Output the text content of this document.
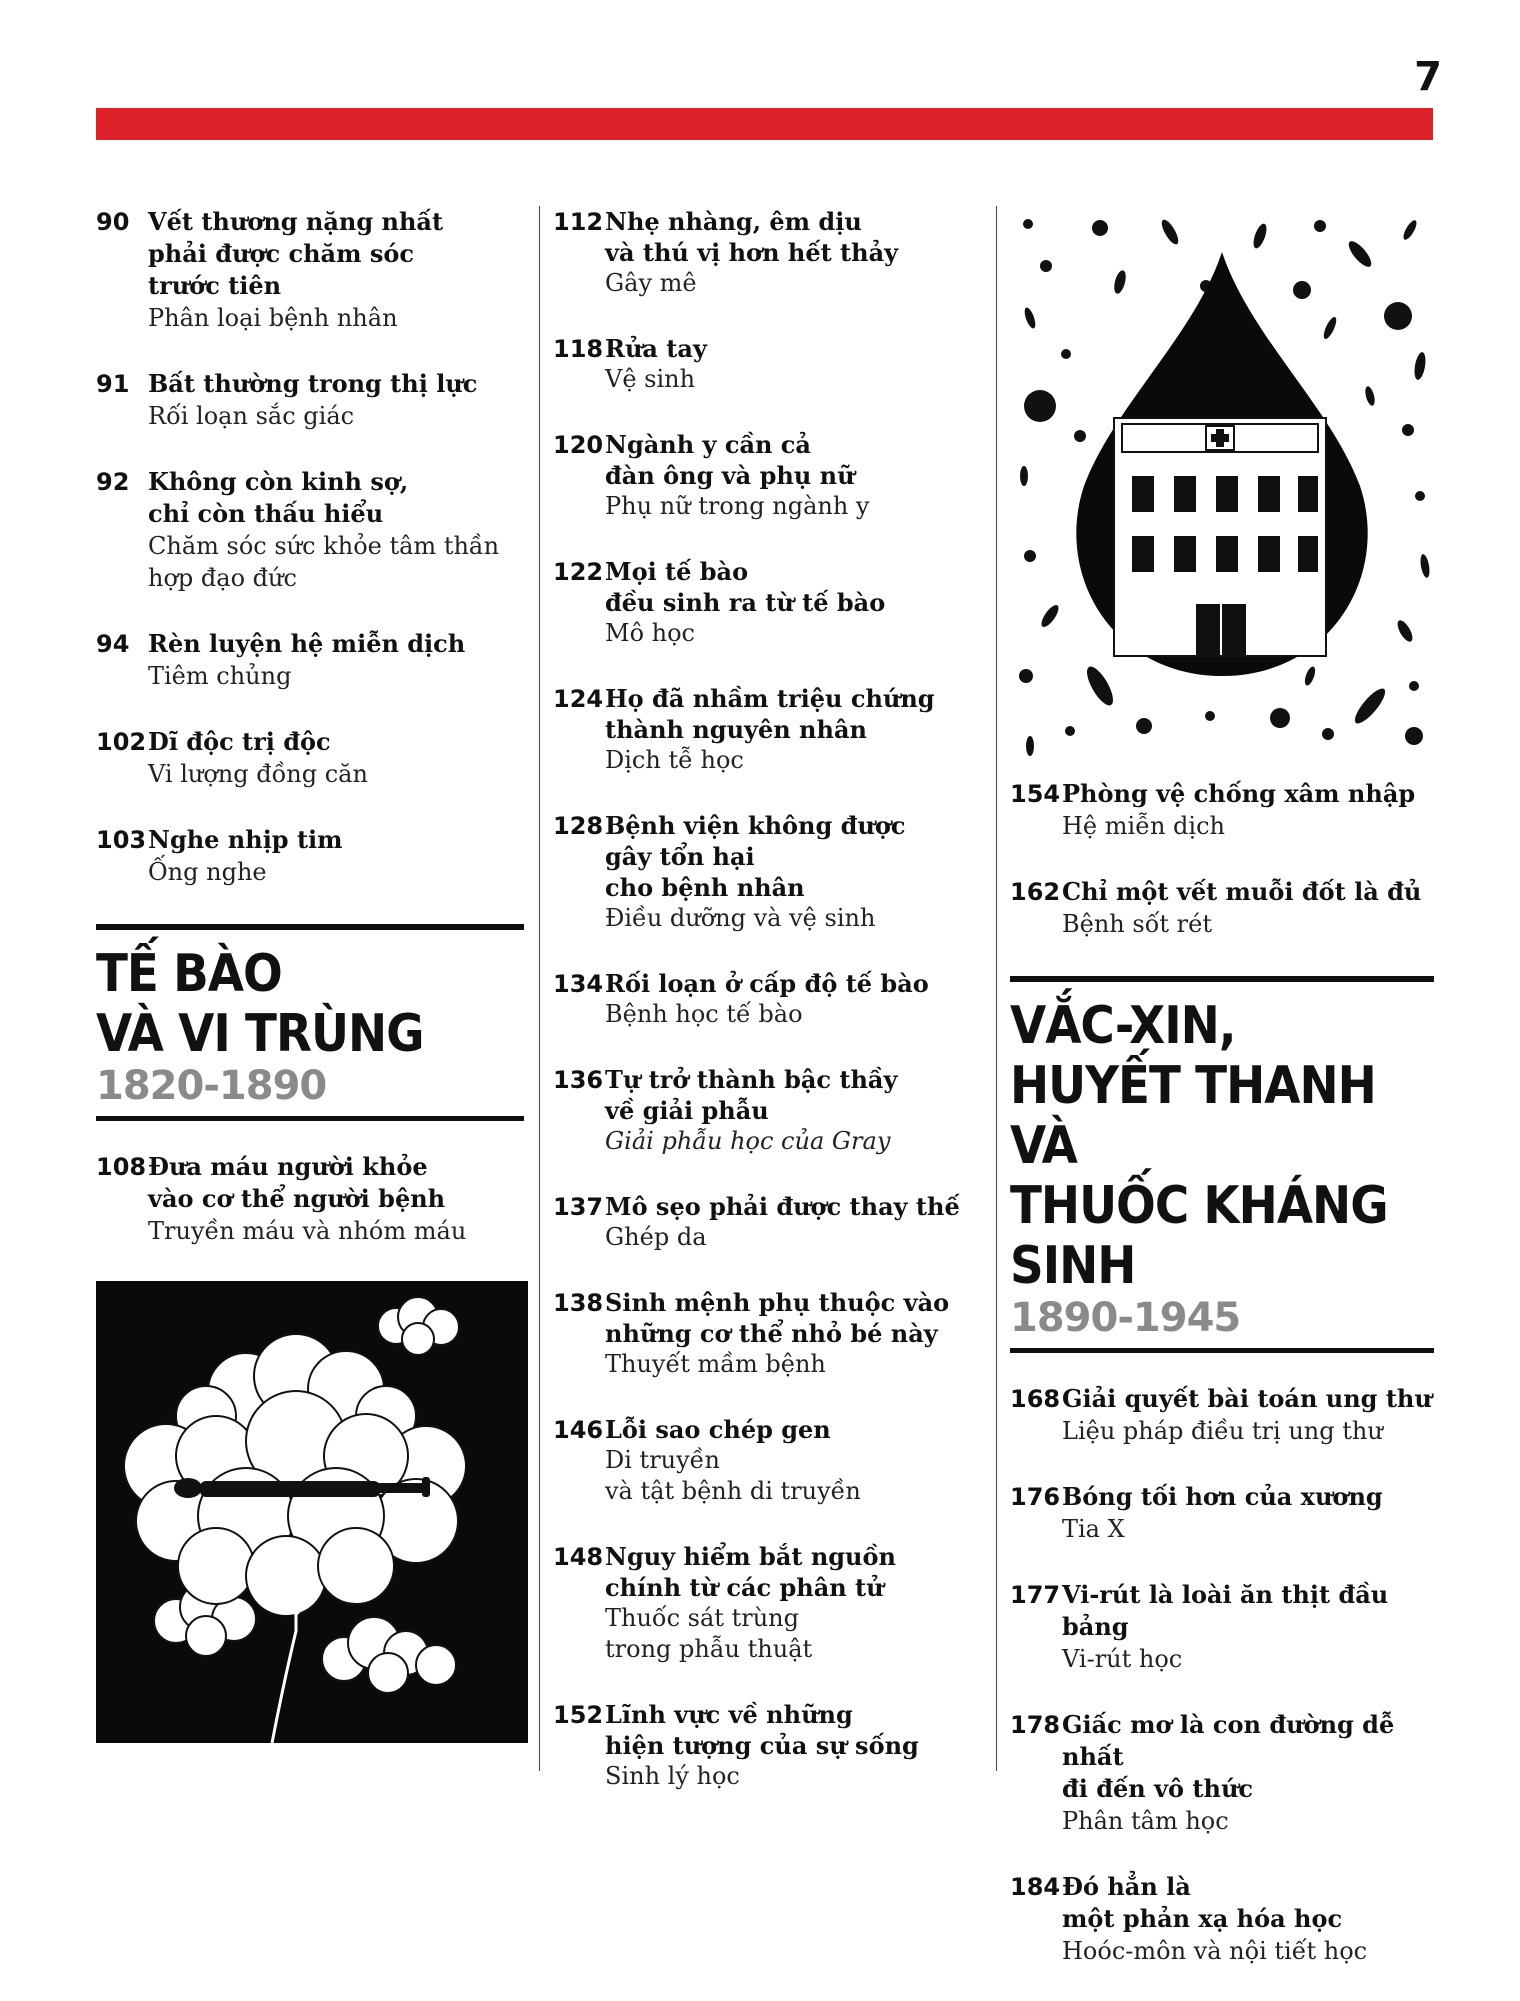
7
90 Vết thương nặng nhất
phải được chăm sóc
trước tiên
Phân loại bệnh nhân
91 Bất thường trong thị lực
Rối loạn sắc giác
92 Không còn kinh sợ,
chỉ còn thấu hiểu
Chăm sóc sức khỏe tâm thần
hợp đạo đức
94 Rèn luyện hệ miễn dịch
Tiêm chủng
102 Dĩ độc trị độc
Vi lượng đồng căn
103 Nghe nhịp tim
Ống nghe
TẾ BÀO
VÀ VI TRÙNG
1820-1890
108 Đưa máu người khỏe
vào cơ thể người bệnh
Truyền máu và nhóm máu
112 Nhẹ nhàng, êm dịu
và thú vị hơn hết thảy
Gây mê
118 Rửa tay
Vệ sinh
120 Ngành y cần cả
đàn ông và phụ nữ
Phụ nữ trong ngành y
122 Mọi tế bào
đều sinh ra từ tế bào
Mô học
124 Họ đã nhầm triệu chứng
thành nguyên nhân
Dịch tễ học
128 Bệnh viện không được
gây tổn hại
cho bệnh nhân
Điều dưỡng và vệ sinh
134 Rối loạn ở cấp độ tế bào
Bệnh học tế bào
136 Tự trở thành bậc thầy
về giải phẫu
Giải phẫu học của Gray
137 Mô sẹo phải được thay thế
Ghép da
138 Sinh mệnh phụ thuộc vào
những cơ thể nhỏ bé này
Thuyết mầm bệnh
146 Lỗi sao chép gen
Di truyền
và tật bệnh di truyền
148 Nguy hiểm bắt nguồn
chính từ các phân tử
Thuốc sát trùng
trong phẫu thuật
152 Lĩnh vực về những
hiện tượng của sự sống
Sinh lý học
154 Phòng vệ chống xâm nhập
Hệ miễn dịch
162 Chỉ một vết muỗi đốt là đủ
Bệnh sốt rét
VẮC-XIN,
HUYẾT THANH VÀ
THUỐC KHÁNG SINH
1890-1945
168 Giải quyết bài toán ung thư
Liệu pháp điều trị ung thư
176 Bóng tối hơn của xương
Tia X
177 Vi-rút là loài ăn thịt đầu bảng
Vi-rút học
178 Giấc mơ là con đường dễ nhất
đi đến vô thức
Phân tâm học
184 Đó hẳn là
một phản xạ hóa học
Hoóc-môn và nội tiết học
